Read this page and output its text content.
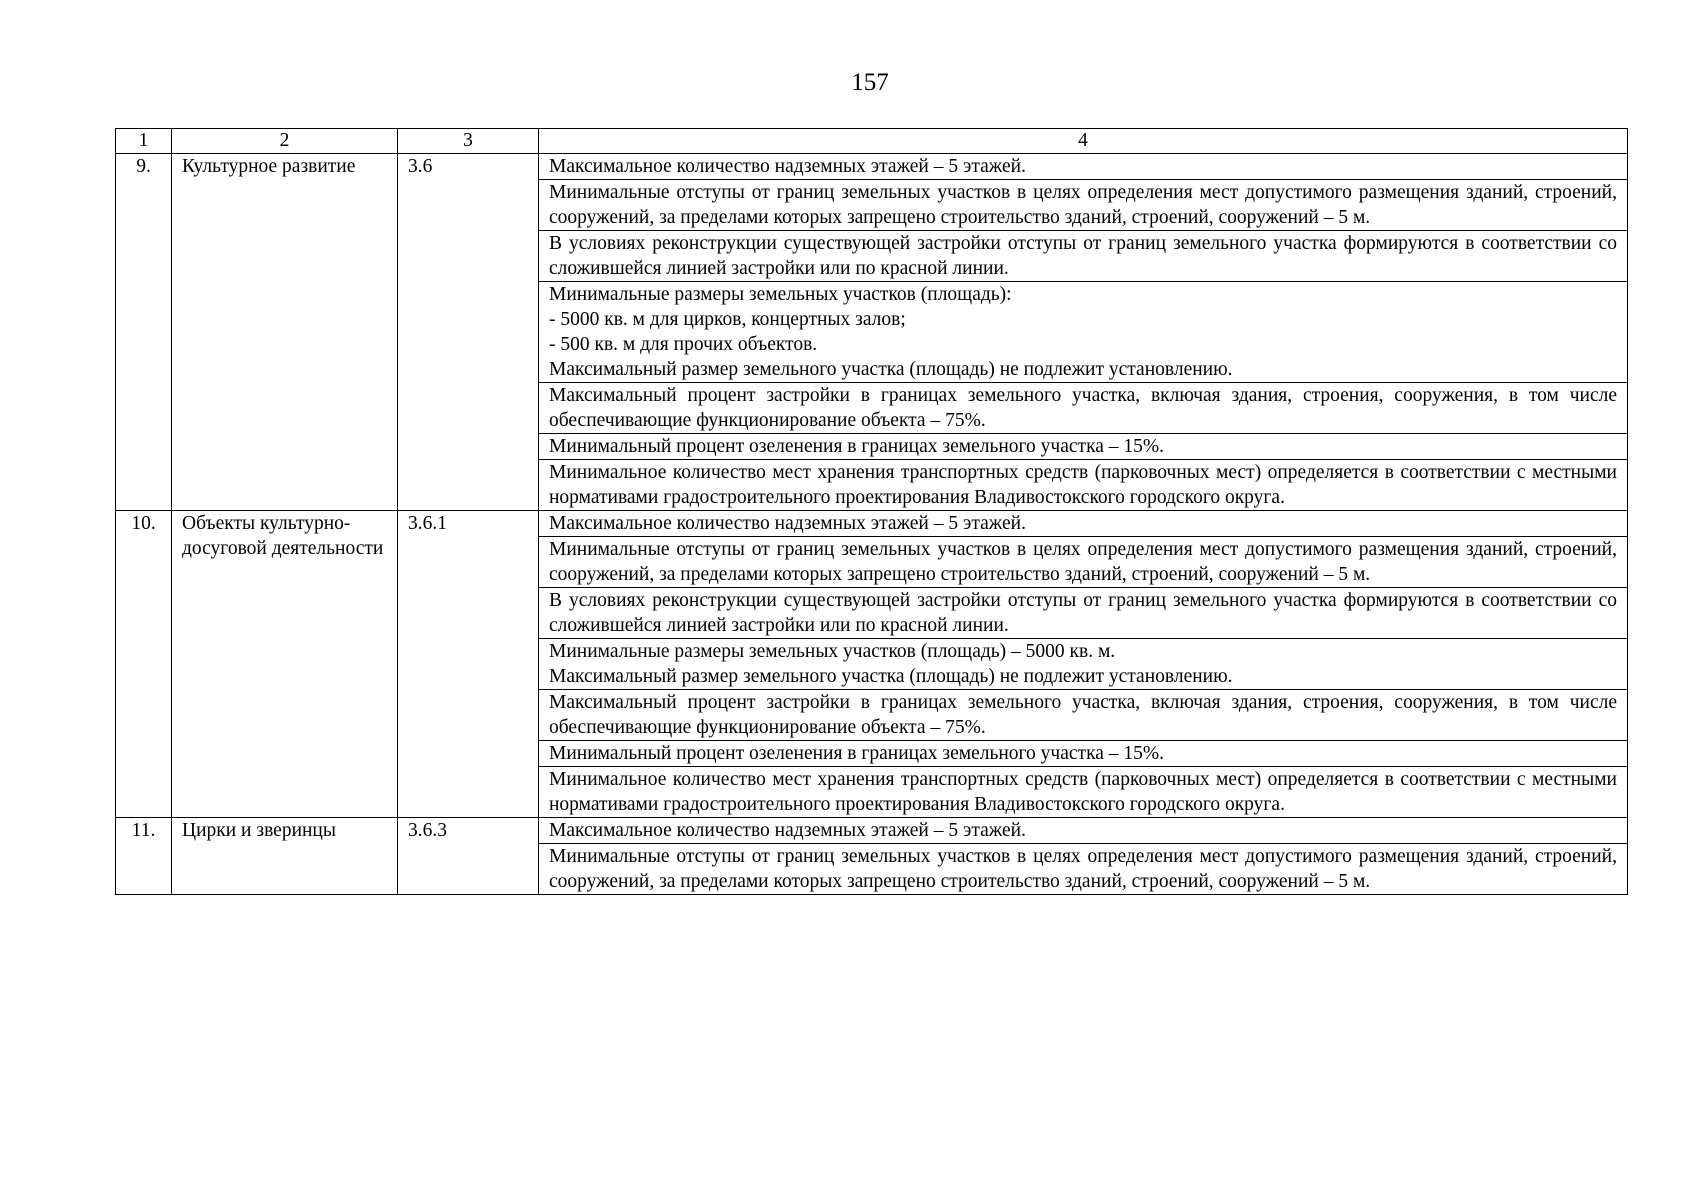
157
1	2	3	4
9.	Культурное развитие	3.6	Максимальное количество надземных этажей – 5 этажей.

			Минимальные отступы от границ земельных участков в целях определения мест допустимого размещения зданий, строений, сооружений, за пределами которых запрещено строительство зданий, строений, сооружений – 5 м.

			В условиях реконструкции существующей застройки отступы от границ земельного участка формируются в соответствии со сложившейся линией застройки или по красной линии.

			Минимальные размеры земельных участков (площадь):
- 5000 кв. м для цирков, концертных залов;
- 500 кв. м для прочих объектов.
Максимальный размер земельного участка (площадь) не подлежит установлению.

			Максимальный процент застройки в границах земельного участка, включая здания, строения, сооружения, в том числе обеспечивающие функционирование объекта – 75%.

			Минимальный процент озеленения в границах земельного участка – 15%.

			Минимальное количество мест хранения транспортных средств (парковочных мест) определяется в соответствии с местными нормативами градостроительного проектирования Владивостокского городского округа.

10.	Объекты культурно-досуговой деятельности	3.6.1	Максимальное количество надземных этажей – 5 этажей.

			Минимальные отступы от границ земельных участков в целях определения мест допустимого размещения зданий, строений, сооружений, за пределами которых запрещено строительство зданий, строений, сооружений – 5 м.

			В условиях реконструкции существующей застройки отступы от границ земельного участка формируются в соответствии со сложившейся линией застройки или по красной линии.

			Минимальные размеры земельных участков (площадь) – 5000 кв. м.
Максимальный размер земельного участка (площадь) не подлежит установлению.

			Максимальный процент застройки в границах земельного участка, включая здания, строения, сооружения, в том числе обеспечивающие функционирование объекта – 75%.

			Минимальный процент озеленения в границах земельного участка – 15%.

			Минимальное количество мест хранения транспортных средств (парковочных мест) определяется в соответствии с местными нормативами градостроительного проектирования Владивостокского городского округа.

11.	Цирки и зверинцы	3.6.3	Максимальное количество надземных этажей – 5 этажей.

			Минимальные отступы от границ земельных участков в целях определения мест допустимого размещения зданий, строений, сооружений, за пределами которых запрещено строительство зданий, строений, сооружений – 5 м.
